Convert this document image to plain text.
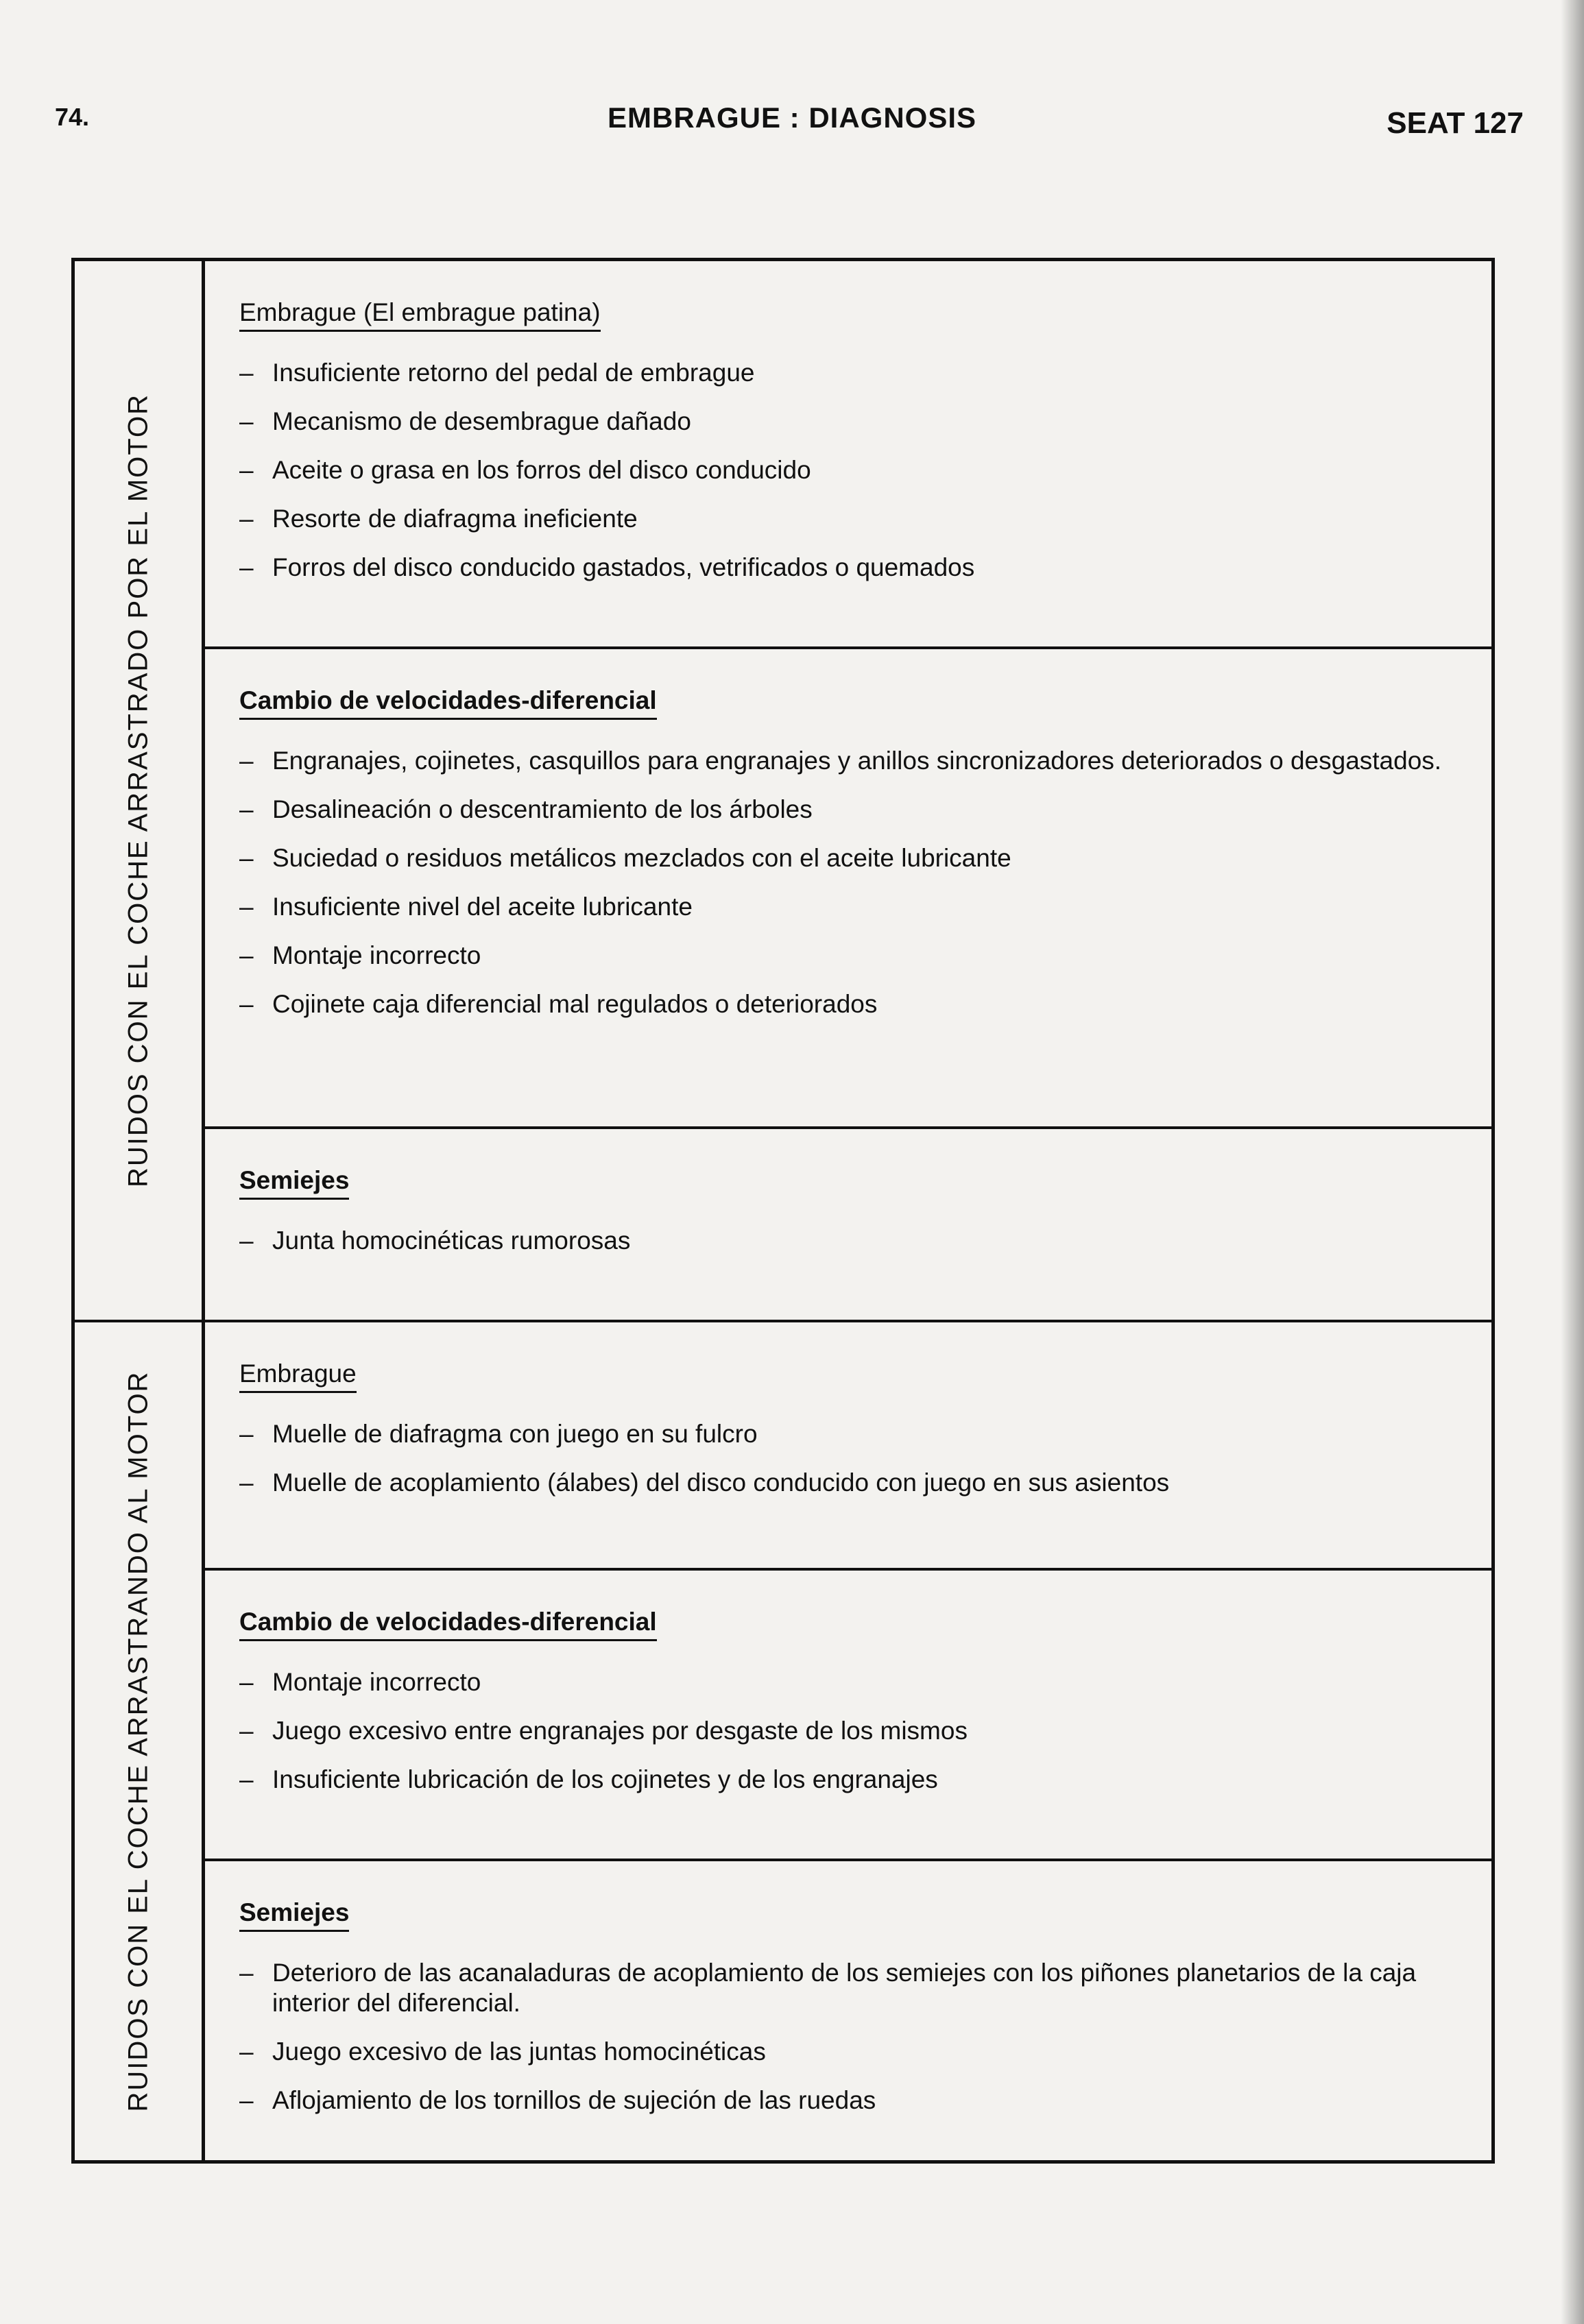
74.	EMBRAGUE : DIAGNOSIS	SEAT 127
RUIDOS CON EL COCHE ARRASTRADO POR EL MOTOR
Embrague (El embrague patina)
– Insuficiente retorno del pedal de embrague
– Mecanismo de desembrague dañado
– Aceite o grasa en los forros del disco conducido
– Resorte de diafragma ineficiente
– Forros del disco conducido gastados, vetrificados o quemados
Cambio de velocidades-diferencial
– Engranajes, cojinetes, casquillos para engranajes y anillos sincronizadores deteriorados o desgastados.
– Desalineación o descentramiento de los árboles
– Suciedad o residuos metálicos mezclados con el aceite lubricante
– Insuficiente nivel del aceite lubricante
– Montaje incorrecto
– Cojinete caja diferencial mal regulados o deteriorados
Semiejes
– Junta homocinéticas rumorosas
RUIDOS CON EL COCHE ARRASTRANDO AL MOTOR	Embrague
– Muelle de diafragma con juego en su fulcro
– Muelle de acoplamiento (álabes) del disco conducido con juego en sus asientos
Cambio de velocidades-diferencial
– Montaje incorrecto
– Juego excesivo entre engranajes por desgaste de los mismos
– Insuficiente lubricación de los cojinetes y de los engranajes
Semiejes
– Deterioro de las acanaladuras de acoplamiento de los semiejes con los piñones planetarios de la caja interior del diferencial.
– Juego excesivo de las juntas homocinéticas
– Aflojamiento de los tornillos de sujeción de las ruedas
